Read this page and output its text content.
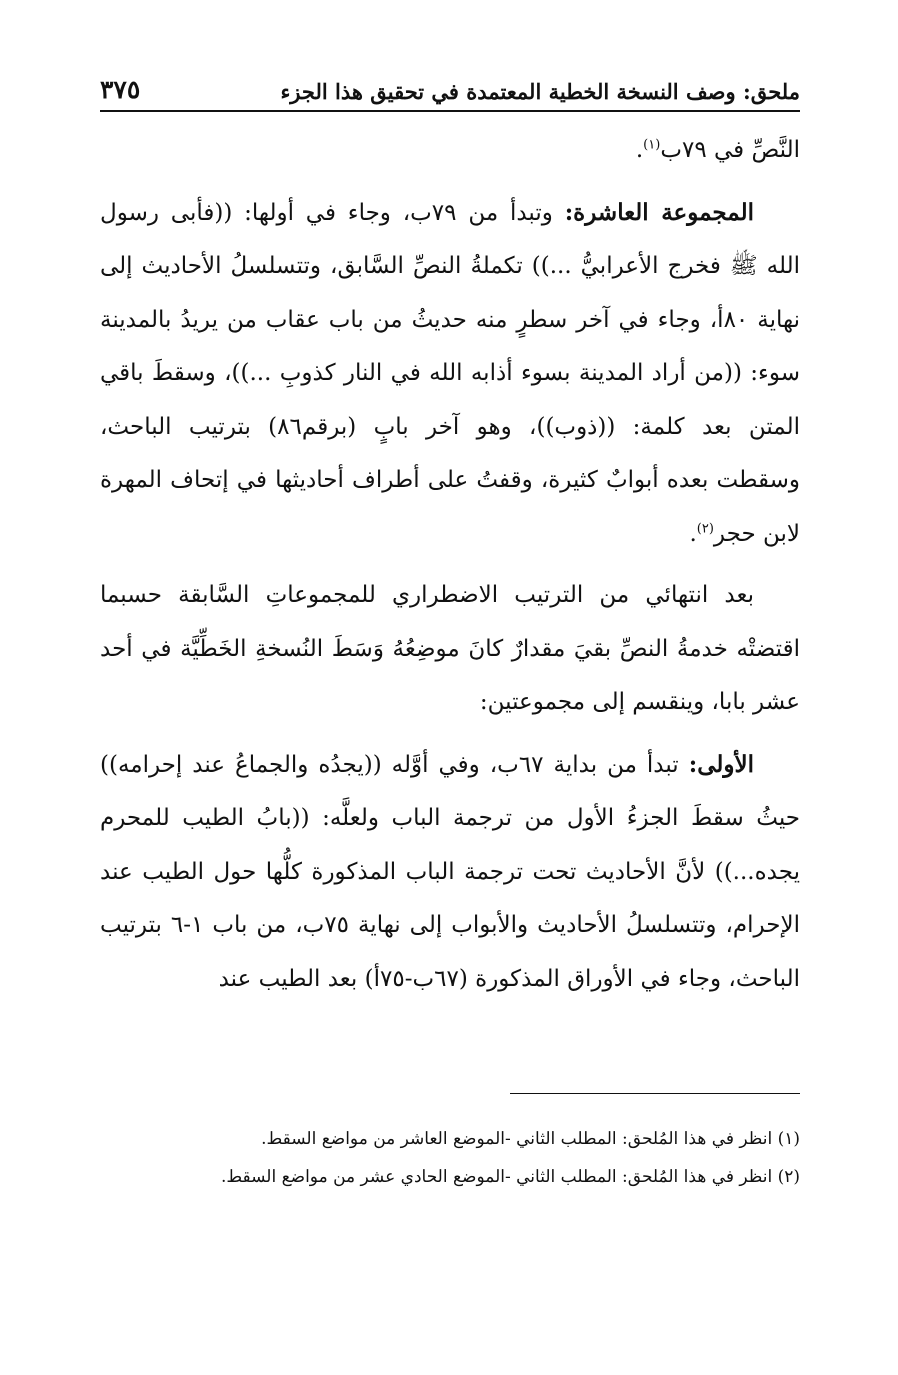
ملحق: وصف النسخة الخطية المعتمدة في تحقيق هذا الجزء
٣٧٥

النَّصِّ في ٧٩ب$^{(١)}$.

المجموعة العاشرة: وتبدأ من ٧٩ب، وجاء في أولها: ((فأبى رسول الله ﷺ فخرج الأعرابيُّ ...)) تكملةُ النصِّ السَّابق، وتتسلسلُ الأحاديث إلى نهاية ٨٠أ، وجاء في آخر سطرٍ منه حديثُ من باب عقاب من يريدُ بالمدينة سوء: ((من أراد المدينة بسوء أذابه الله في النار كذوبِ ...))، وسقطَ باقي المتن بعد كلمة: ((ذوب))، وهو آخر بابٍ (برقم٨٦) بترتيب الباحث، وسقطت بعده أبوابٌ كثيرة، وقفتُ على أطراف أحاديثها في إتحاف المهرة لابن حجر$^{(٢)}$.

بعد انتهائي من الترتيب الاضطراري للمجموعاتِ السَّابقة حسبما اقتضتْه خدمةُ النصِّ بقيَ مقدارٌ كانَ موضِعُهُ وَسَطَ النُسخةِ الخَطِّيَّة في أحد عشر بابا، وينقسم إلى مجموعتين:

الأولى: تبدأ من بداية ٦٧ب، وفي أوَّله ((يجدُه والجماعُ عند إحرامه)) حيثُ سقطَ الجزءُ الأول من ترجمة الباب ولعلَّه: ((بابُ الطيب للمحرم يجده...)) لأنَّ الأحاديث تحت ترجمة الباب المذكورة كلُّها حول الطيب عند الإحرام، وتتسلسلُ الأحاديث والأبواب إلى نهاية ٧٥ب، من باب ١-٦ بترتيب الباحث، وجاء في الأوراق المذكورة (٦٧ب-٧٥أ) بعد الطيب عند

(١) انظر في هذا المُلحق: المطلب الثاني -الموضع العاشر من مواضع السقط.

(٢) انظر في هذا المُلحق: المطلب الثاني -الموضع الحادي عشر من مواضع السقط.
